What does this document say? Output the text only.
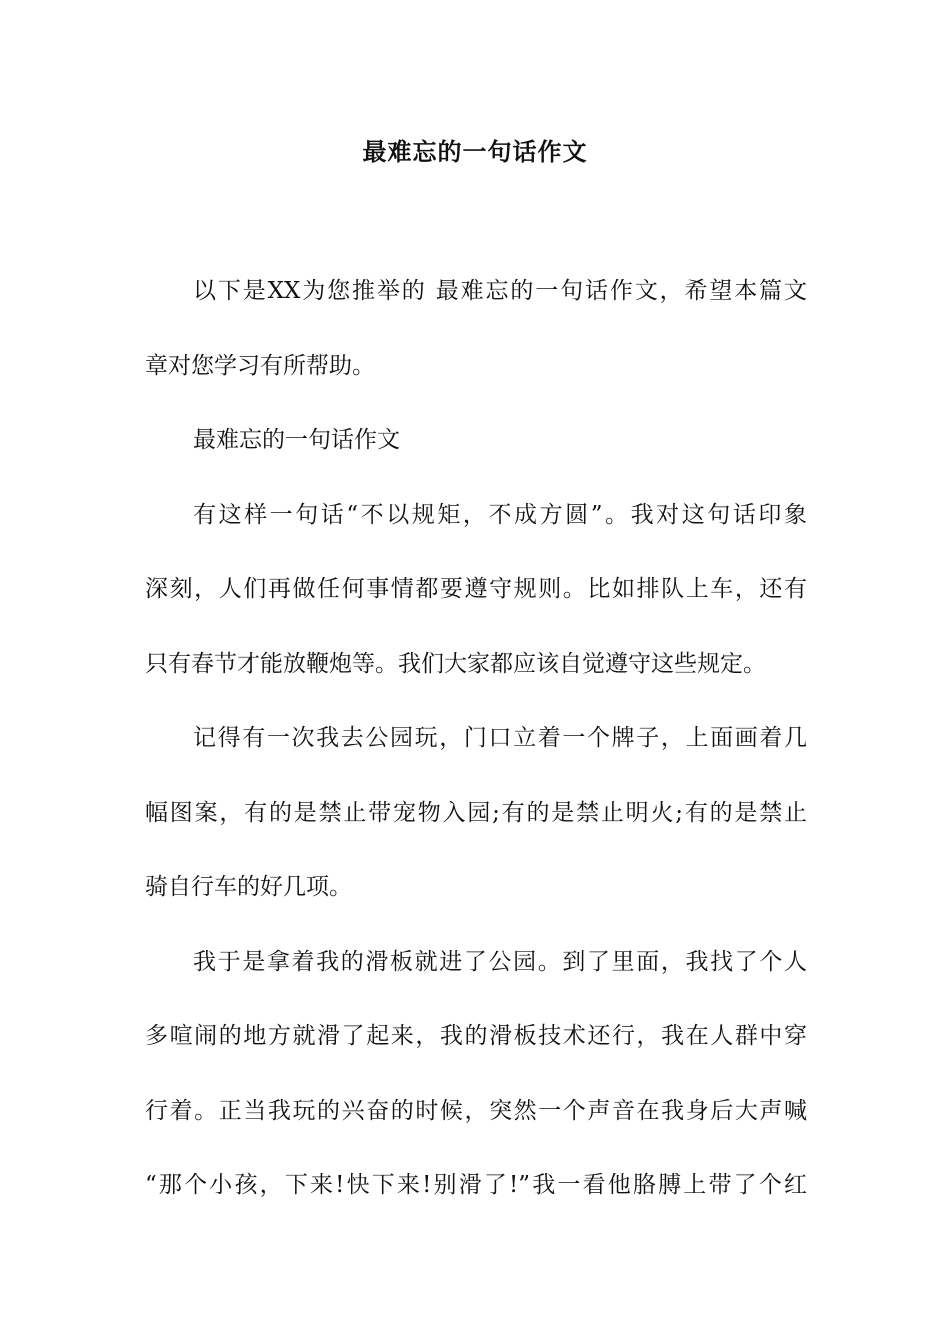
最难忘的一句话作文
以下是XX为您推举的 最难忘的一句话作文，希望本篇文
章对您学习有所帮助。
最难忘的一句话作文
有这样一句话“不以规矩，不成方圆”。我对这句话印象
深刻，人们再做任何事情都要遵守规则。比如排队上车，还有
只有春节才能放鞭炮等。我们大家都应该自觉遵守这些规定。
记得有一次我去公园玩，门口立着一个牌子，上面画着几
幅图案，有的是禁止带宠物入园;有的是禁止明火;有的是禁止
骑自行车的好几项。
我于是拿着我的滑板就进了公园。到了里面，我找了个人
多喧闹的地方就滑了起来，我的滑板技术还行，我在人群中穿
行着。正当我玩的兴奋的时候，突然一个声音在我身后大声喊
“那个小孩，下来!快下来!别滑了!”我一看他胳膊上带了个红
